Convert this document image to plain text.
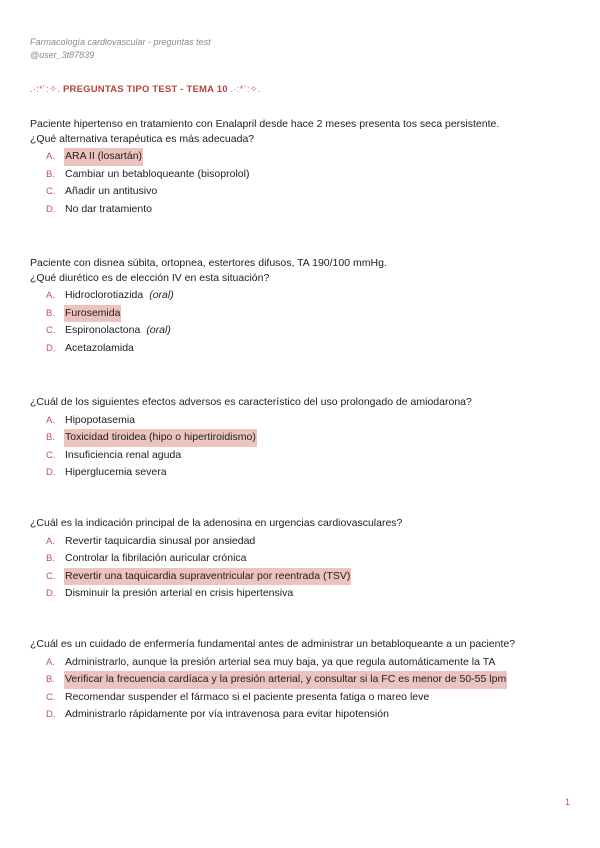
Farmacología cardiovascular - preguntas test
@user_3t87839
.·:*¨:✧. PREGUNTAS TIPO TEST - TEMA 10 .·:*¨:✧.

Paciente hipertenso en tratamiento con Enalapril desde hace 2 meses presenta tos seca persistente.
¿Qué alternativa terapéutica es más adecuada?

A. ARA II (losartán)
B. Cambiar un betabloqueante (bisoprolol)
C. Añadir un antitusivo
D. No dar tratamiento

Paciente con disnea súbita, ortopnea, estertores difusos, TA 190/100 mmHg.
¿Qué diurético es de elección IV en esta situación?

A. Hidroclorotiazida (oral)
B. Furosemida
C. Espironolactona (oral)
D. Acetazolamida

¿Cuál de los siguientes efectos adversos es característico del uso prolongado de amiodarona?

A. Hipopotasemia
B. Toxicidad tiroidea (hipo o hipertiroidismo)
C. Insuficiencia renal aguda
D. Hiperglucemia severa

¿Cuál es la indicación principal de la adenosina en urgencias cardiovasculares?

A. Revertir taquicardia sinusal por ansiedad
B. Controlar la fibrilación auricular crónica
C. Revertir una taquicardia supraventricular por reentrada (TSV)
D. Disminuir la presión arterial en crisis hipertensiva

¿Cuál es un cuidado de enfermería fundamental antes de administrar un betabloqueante a un paciente?

A. Administrarlo, aunque la presión arterial sea muy baja, ya que regula automáticamente la TA
B. Verificar la frecuencia cardíaca y la presión arterial, y consultar si la FC es menor de 50-55 lpm
C. Recomendar suspender el fármaco si el paciente presenta fatiga o mareo leve
D. Administrarlo rápidamente por vía intravenosa para evitar hipotensión
1
